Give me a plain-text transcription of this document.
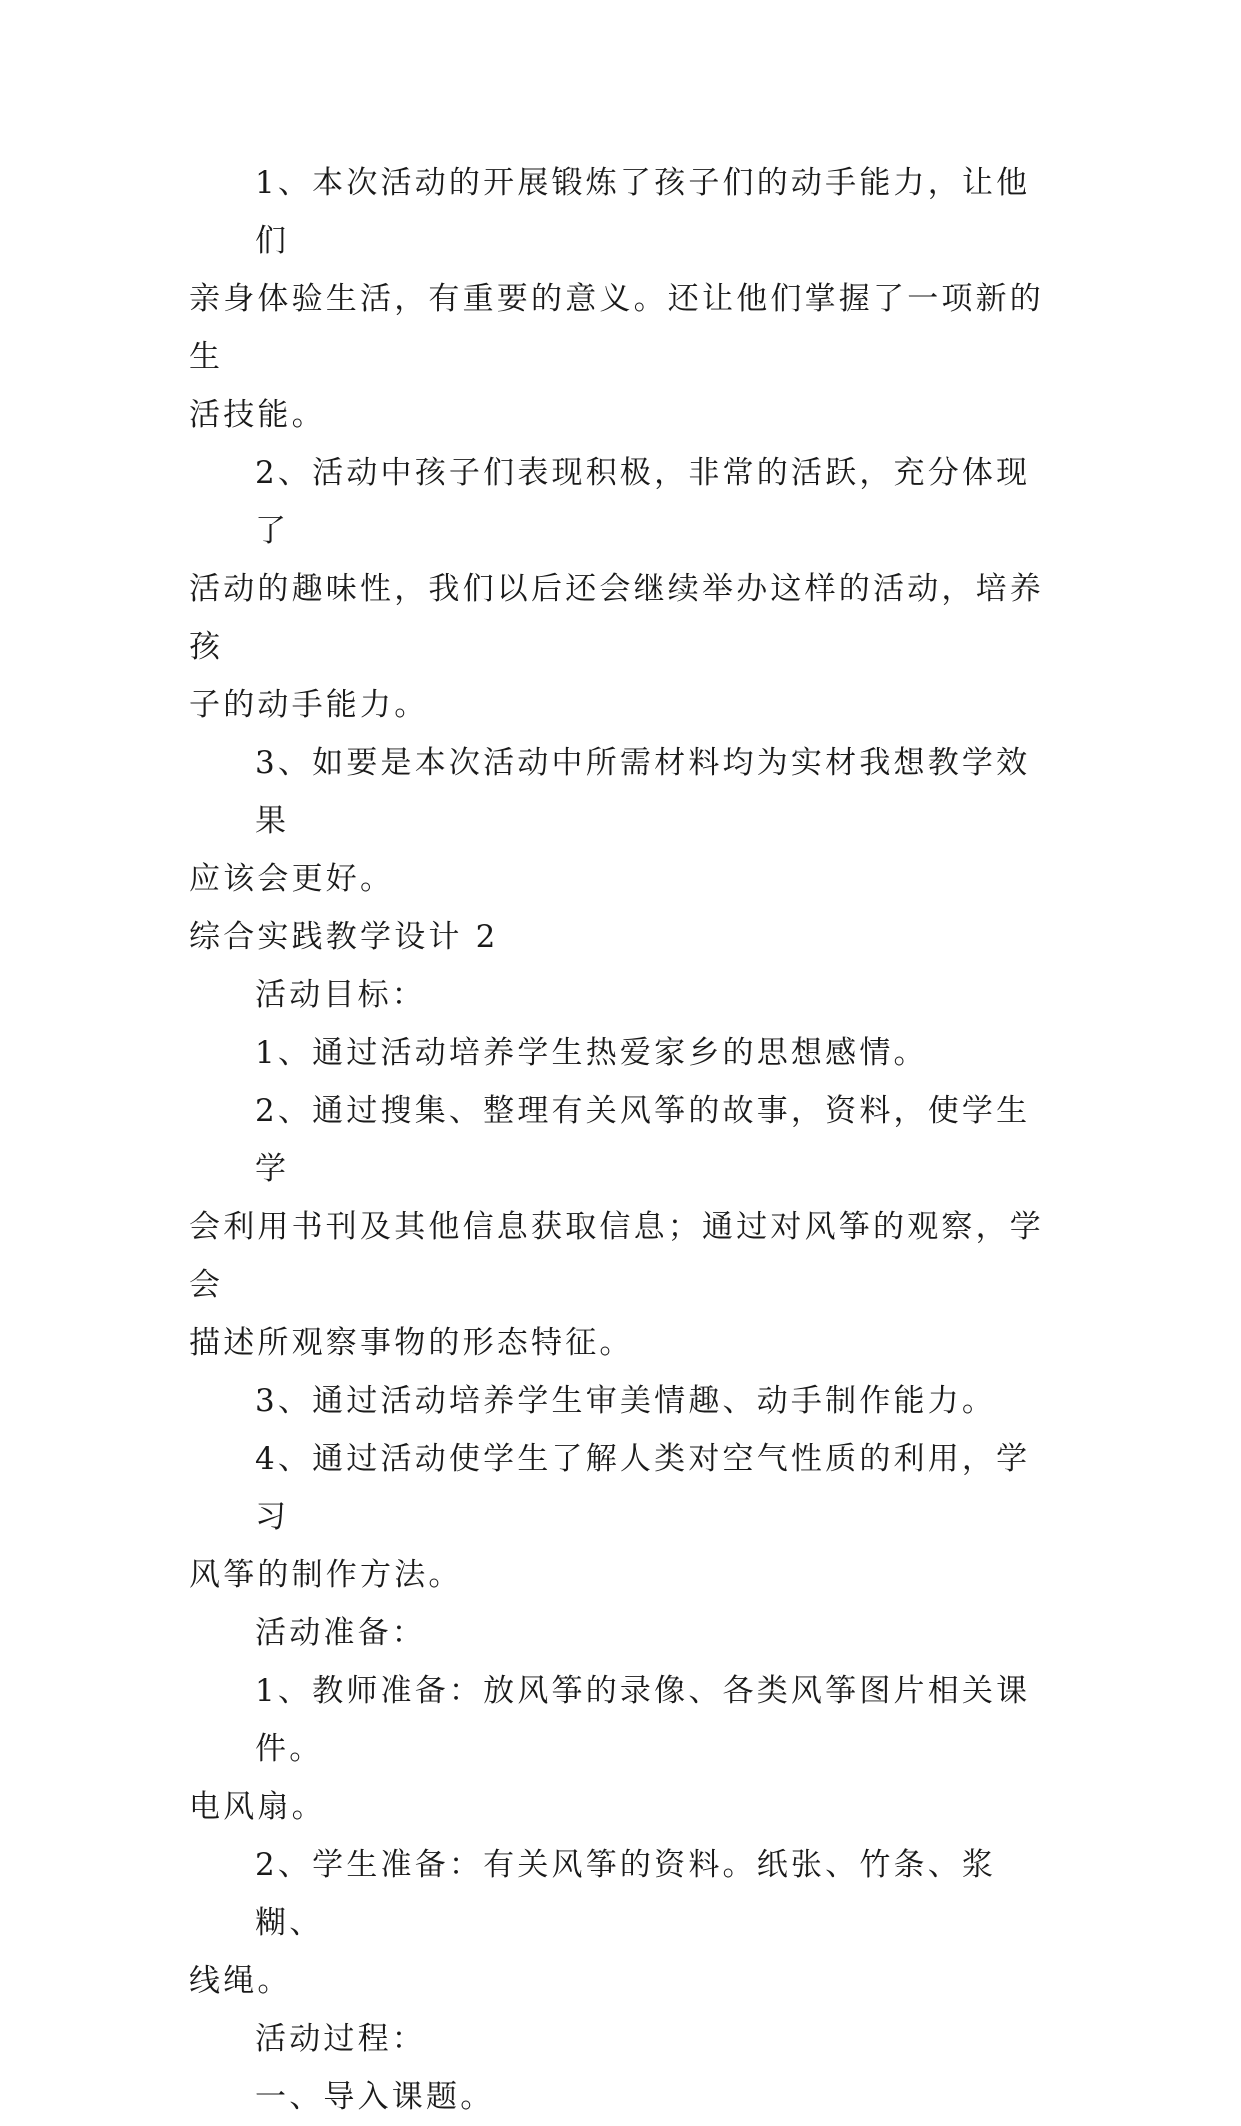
1、本次活动的开展锻炼了孩子们的动手能力，让他们
亲身体验生活，有重要的意义。还让他们掌握了一项新的生
活技能。

2、活动中孩子们表现积极，非常的活跃，充分体现了
活动的趣味性，我们以后还会继续举办这样的活动，培养孩
子的动手能力。

3、如要是本次活动中所需材料均为实材我想教学效果
应该会更好。

综合实践教学设计 2

活动目标：

1、通过活动培养学生热爱家乡的思想感情。

2、通过搜集、整理有关风筝的故事，资料，使学生学
会利用书刊及其他信息获取信息；通过对风筝的观察，学会
描述所观察事物的形态特征。

3、通过活动培养学生审美情趣、动手制作能力。

4、通过活动使学生了解人类对空气性质的利用，学习
风筝的制作方法。

活动准备：

1、教师准备：放风筝的录像、各类风筝图片相关课件。
电风扇。

2、学生准备：有关风筝的资料。纸张、竹条、浆糊、
线绳。

活动过程：

一、导入课题。
